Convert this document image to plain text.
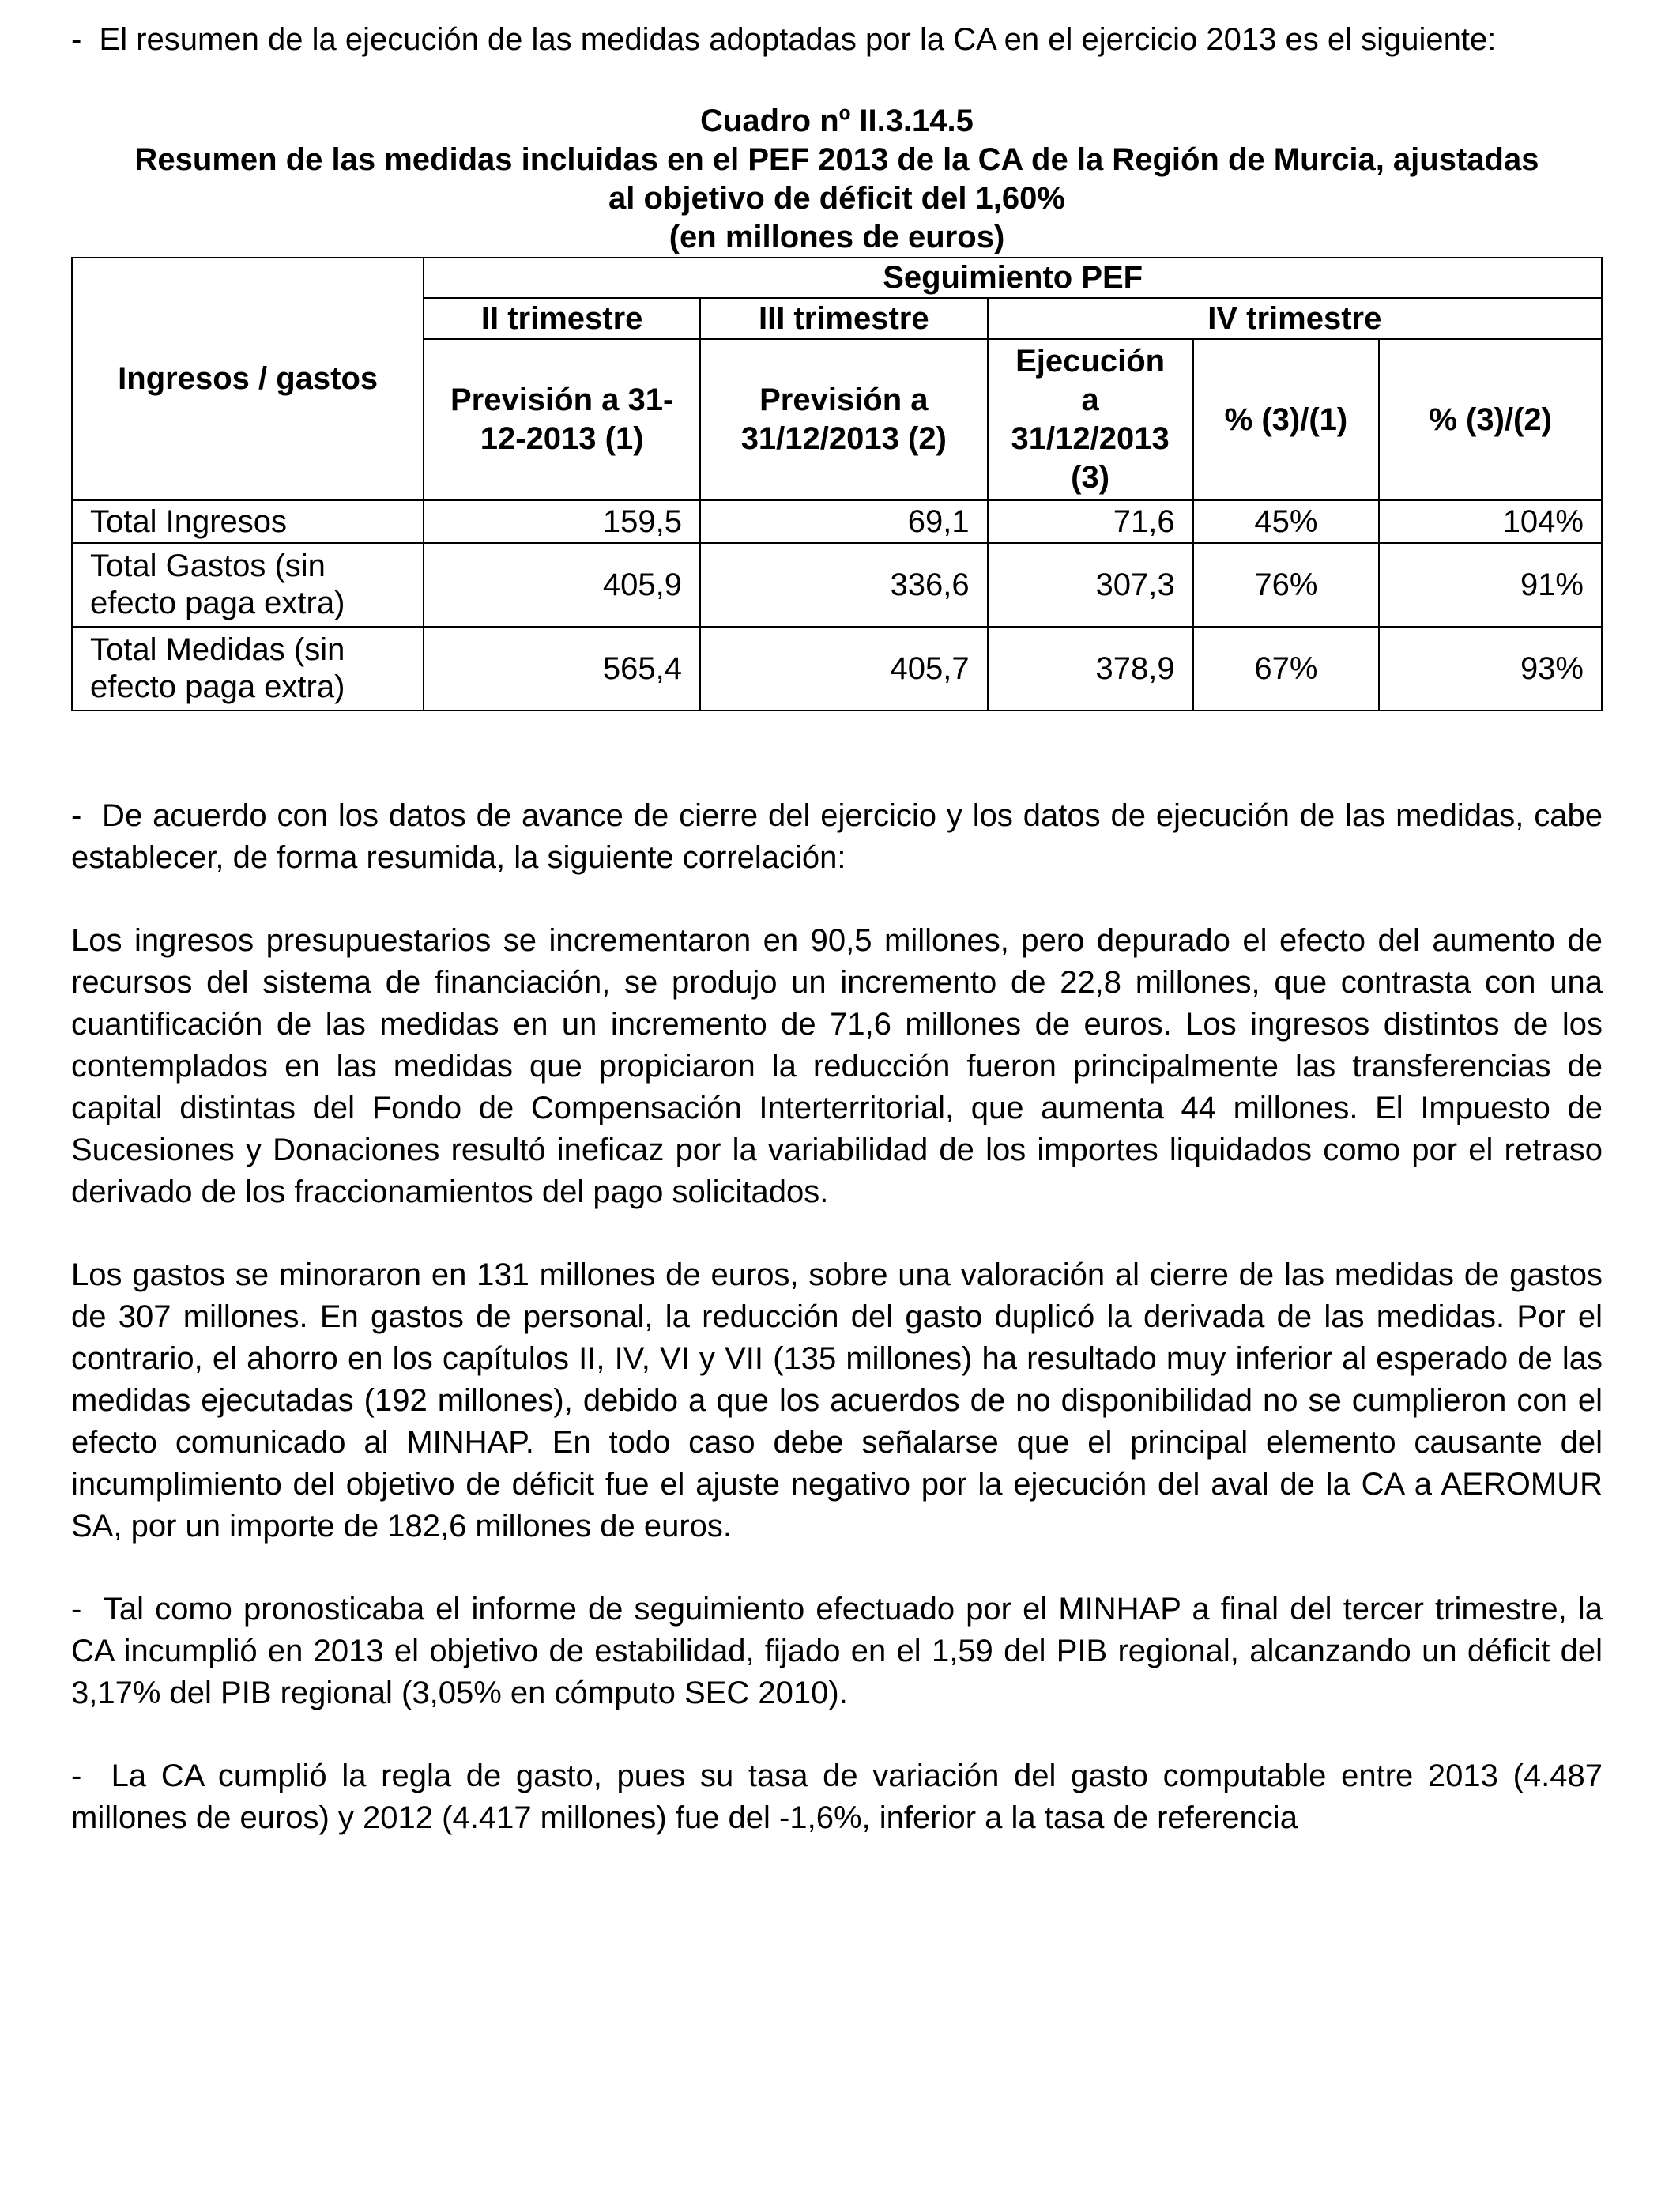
-  El resumen de la ejecución de las medidas adoptadas por la CA en el ejercicio 2013 es el siguiente:

Cuadro nº II.3.14.5
Resumen de las medidas incluidas en el PEF 2013 de la CA de la Región de Murcia, ajustadas
al objetivo de déficit del 1,60%
(en millones de euros)
Ingresos / gastos	Seguimiento PEF				
	II trimestre	III trimestre	IV trimestre		
	Previsión a 31-12-2013 (1)	Previsión a 31/12/2013 (2)	Ejecución a 31/12/2013 (3)	% (3)/(1)	% (3)/(2)
Total Ingresos	159,5	69,1	71,6	45%	104%
Total Gastos (sin efecto paga extra)	405,9	336,6	307,3	76%	91%
Total Medidas (sin efecto paga extra)	565,4	405,7	378,9	67%	93%

-  De acuerdo con los datos de avance de cierre del ejercicio y los datos de ejecución de las medidas, cabe establecer, de forma resumida, la siguiente correlación:

Los ingresos presupuestarios se incrementaron en 90,5 millones, pero depurado el efecto del aumento de recursos del sistema de financiación, se produjo un incremento de 22,8 millones, que contrasta con una cuantificación de las medidas en un incremento de 71,6 millones de euros. Los ingresos distintos de los contemplados en las medidas que propiciaron la reducción fueron principalmente las transferencias de capital distintas del Fondo de Compensación Interterritorial, que aumenta 44 millones. El Impuesto de Sucesiones y Donaciones resultó ineficaz por la variabilidad de los importes liquidados como por el retraso derivado de los fraccionamientos del pago solicitados.

Los gastos se minoraron en 131 millones de euros, sobre una valoración al cierre de las medidas de gastos de 307 millones. En gastos de personal, la reducción del gasto duplicó la derivada de las medidas. Por el contrario, el ahorro en los capítulos II, IV, VI y VII (135 millones) ha resultado muy inferior al esperado de las medidas ejecutadas (192 millones), debido a que los acuerdos de no disponibilidad no se cumplieron con el efecto comunicado al MINHAP. En todo caso debe señalarse que el principal elemento causante del incumplimiento del objetivo de déficit fue el ajuste negativo por la ejecución del aval de la CA a AEROMUR SA, por un importe de 182,6 millones de euros.

-  Tal como pronosticaba el informe de seguimiento efectuado por el MINHAP a final del tercer trimestre, la CA incumplió en 2013 el objetivo de estabilidad, fijado en el 1,59 del PIB regional, alcanzando un déficit del 3,17% del PIB regional (3,05% en cómputo SEC 2010).

-  La CA cumplió la regla de gasto, pues su tasa de variación del gasto computable entre 2013 (4.487 millones de euros) y 2012 (4.417 millones) fue del -1,6%, inferior a la tasa de referencia
